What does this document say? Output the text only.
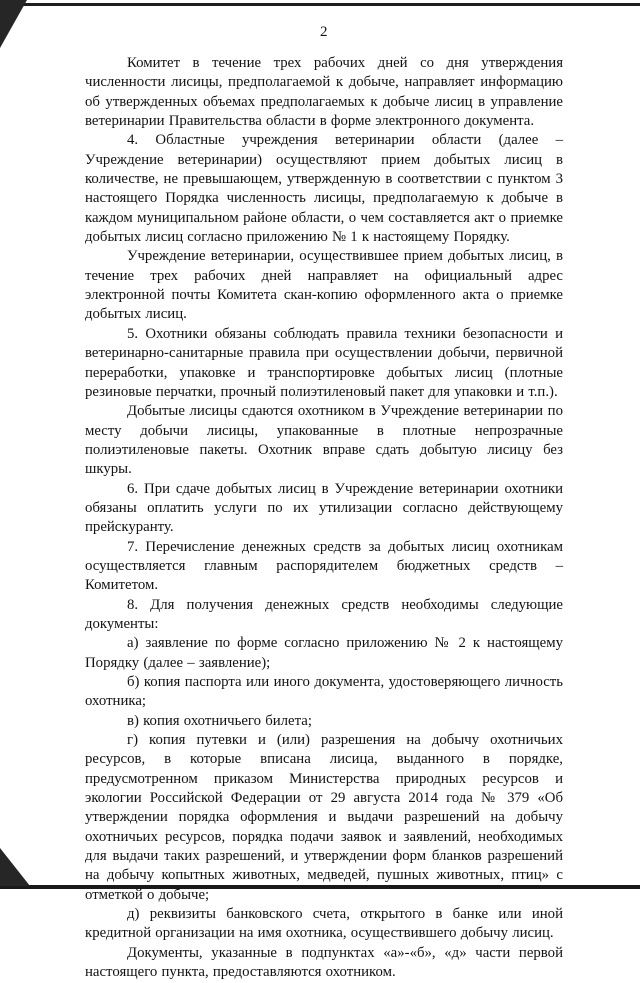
2

Комитет в течение трех рабочих дней со дня утверждения численности лисицы, предполагаемой к добыче, направляет информацию об утвержденных объемах предполагаемых к добыче лисиц в управление ветеринарии Правительства области в форме электронного документа.

4. Областные учреждения ветеринарии области (далее – Учреждение ветеринарии) осуществляют прием добытых лисиц в количестве, не превышающем, утвержденную в соответствии с пунктом 3 настоящего Порядка численность лисицы, предполагаемую к добыче в каждом муниципальном районе области, о чем составляется акт о приемке добытых лисиц согласно приложению № 1 к настоящему Порядку.

Учреждение ветеринарии, осуществившее прием добытых лисиц, в течение трех рабочих дней направляет на официальный адрес электронной почты Комитета скан-копию оформленного акта о приемке добытых лисиц.

5. Охотники обязаны соблюдать правила техники безопасности и ветеринарно-санитарные правила при осуществлении добычи, первичной переработки, упаковке и транспортировке добытых лисиц (плотные резиновые перчатки, прочный полиэтиленовый пакет для упаковки и т.п.).

Добытые лисицы сдаются охотником в Учреждение ветеринарии по месту добычи лисицы, упакованные в плотные непрозрачные полиэтиленовые пакеты. Охотник вправе сдать добытую лисицу без шкуры.

6. При сдаче добытых лисиц в Учреждение ветеринарии охотники обязаны оплатить услуги по их утилизации согласно действующему прейскуранту.

7. Перечисление денежных средств за добытых лисиц охотникам осуществляется главным распорядителем бюджетных средств – Комитетом.

8. Для получения денежных средств необходимы следующие документы:

а) заявление по форме согласно приложению № 2 к настоящему Порядку (далее – заявление);

б) копия паспорта или иного документа, удостоверяющего личность охотника;

в) копия охотничьего билета;

г) копия путевки и (или) разрешения на добычу охотничьих ресурсов, в которые вписана лисица, выданного в порядке, предусмотренном приказом Министерства природных ресурсов и экологии Российской Федерации от 29 августа 2014 года № 379 «Об утверждении порядка оформления и выдачи разрешений на добычу охотничьих ресурсов, порядка подачи заявок и заявлений, необходимых для выдачи таких разрешений, и утверждении форм бланков разрешений на добычу копытных животных, медведей, пушных животных, птиц» с отметкой о добыче;

д) реквизиты банковского счета, открытого в банке или иной кредитной организации на имя охотника, осуществившего добычу лисиц.

Документы, указанные в подпунктах «а»-«б», «д» части первой настоящего пункта, предоставляются охотником.
